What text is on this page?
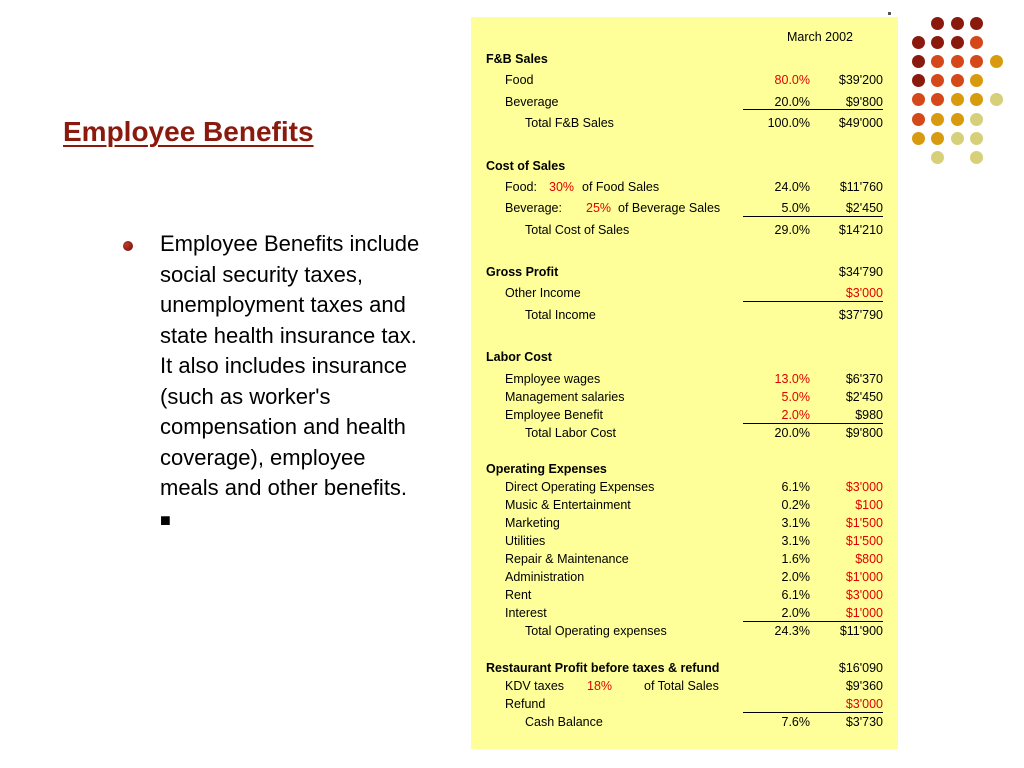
Employee Benefits
Employee Benefits include social security taxes, unemployment taxes and state health insurance tax. It also includes insurance (such as worker's compensation and health coverage), employee meals and other benefits. ■
March 2002
F&B Sales
Food	80.0% $39'200
Beverage	20.0%	$9'800
Total F&B Sales	100.0% $49'000
Cost of Sales
Food: 30% of Food Sales	24.0% $11'760
Beverage: 25% of Beverage Sales	5.0%	$2'450
Total Cost of Sales	29.0% $14'210
Gross Profit	$34'790
Other Income	$3'000
Total Income	$37'790
Labor Cost
Employee wages	13.0%	$6'370
Management salaries	5.0%	$2'450
Employee Benefit	2.0%	$980
Total Labor Cost	20.0%	$9'800
Operating Expenses
Direct Operating Expenses	6.1%	$3'000
Music & Entertainment	0.2%	$100
Marketing	3.1%	$1'500
Utilities	3.1%	$1'500
Repair & Maintenance	1.6%	$800
Administration	2.0%	$1'000
Rent	6.1%	$3'000
Interest	2.0%	$1'000
Total Operating expenses	24.3% $11'900
Restaurant Profit before taxes & refund	$16'090
KDV taxes 18%	of Total Sales	$9'360
Refund	$3'000
Cash Balance	7.6%	$3'730
